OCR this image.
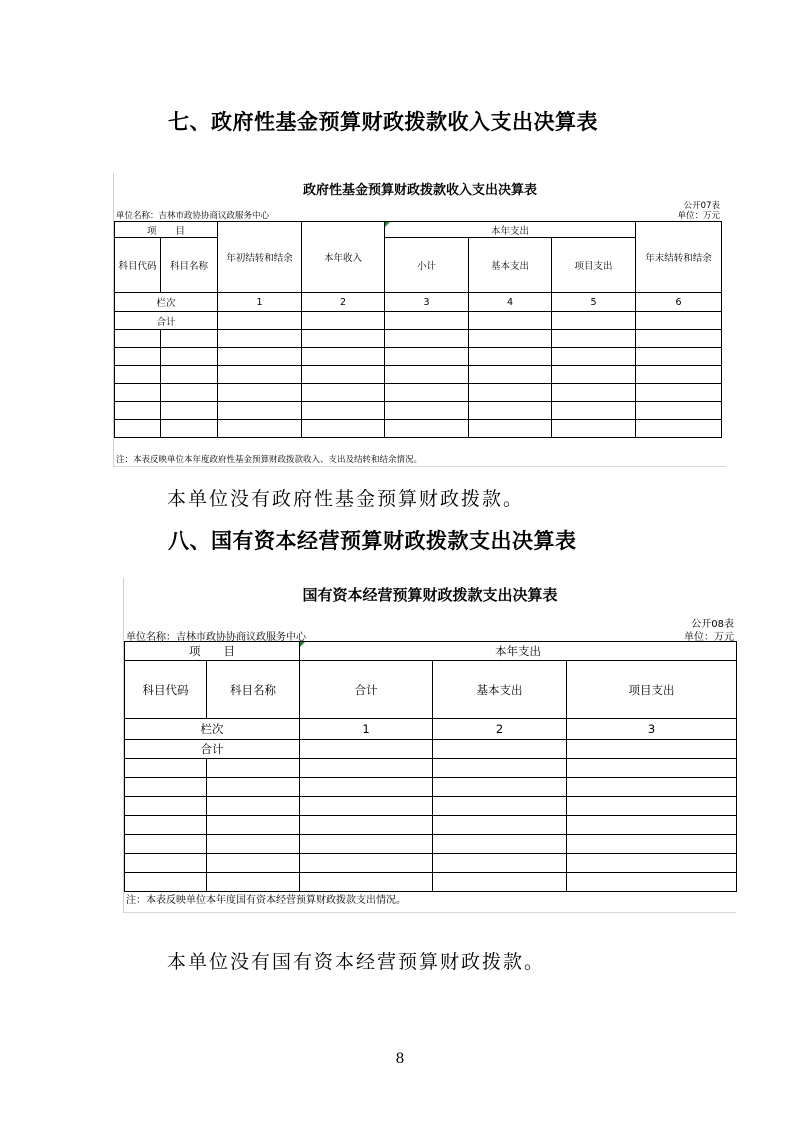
七、政府性基金预算财政拨款收入支出决算表
政府性基金预算财政拨款收入支出决算表
公开07表
单位名称：吉林市政协协商议政服务中心	单位：万元
项　　目		年初结转和结余	本年收入	本年支出			年末结转和结余
科目代码	科目名称			小计	基本支出	项目支出	
栏次		1	2	3	4	5	6
合计							

注：本表反映单位本年度政府性基金预算财政拨款收入、支出及结转和结余情况。
本单位没有政府性基金预算财政拨款。
八、国有资本经营预算财政拨款支出决算表
国有资本经营预算财政拨款支出决算表
公开08表
单位名称：吉林市政协协商议政服务中心	单位：万元
项　　目		本年支出		
科目代码	科目名称	合计	基本支出	项目支出
栏次		1	2	3
合计				

注：本表反映单位本年度国有资本经营预算财政拨款支出情况。
本单位没有国有资本经营预算财政拨款。
8
